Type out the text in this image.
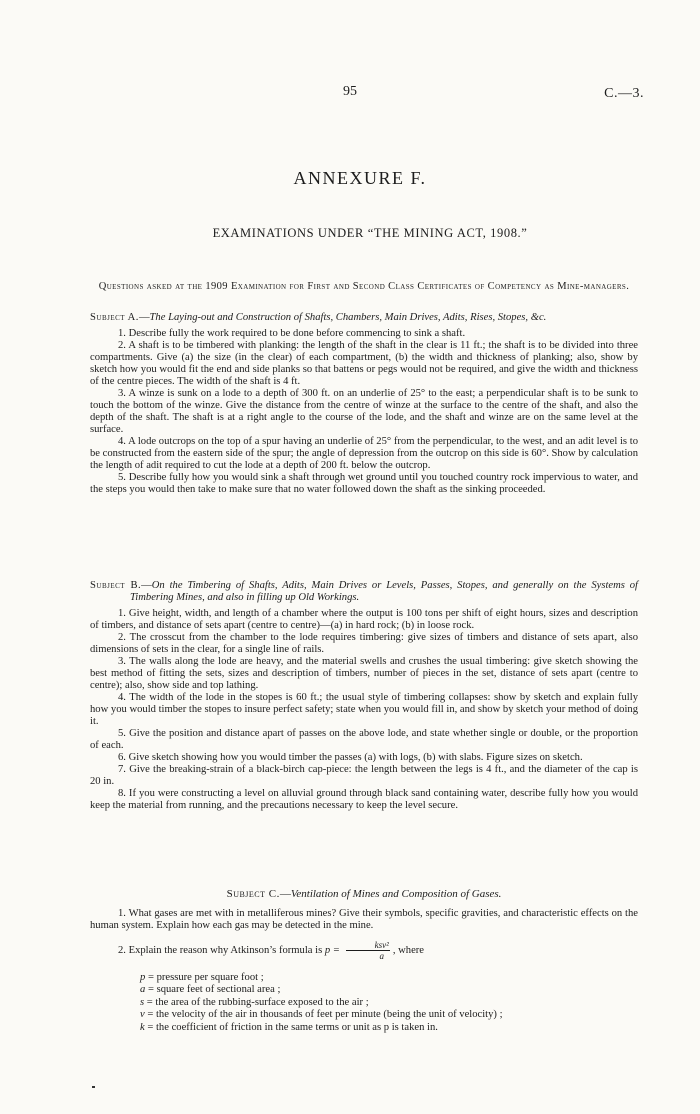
95	C.—3.
ANNEXURE F.
EXAMINATIONS UNDER “THE MINING ACT, 1908.”
Questions asked at the 1909 Examination for First and Second Class Certificates of Competency as Mine-managers.

Subject A.—The Laying-out and Construction of Shafts, Chambers, Main Drives, Adits, Rises, Stopes, &c.

1. Describe fully the work required to be done before commencing to sink a shaft.

2. A shaft is to be timbered with planking: the length of the shaft in the clear is 11 ft.; the shaft is to be divided into three compartments. Give (a) the size (in the clear) of each compartment, (b) the width and thickness of planking; also, show by sketch how you would fit the end and side planks so that battens or pegs would not be required, and give the width and thickness of the centre pieces. The width of the shaft is 4 ft.

3. A winze is sunk on a lode to a depth of 300 ft. on an underlie of 25° to the east; a perpendicular shaft is to be sunk to touch the bottom of the winze. Give the distance from the centre of winze at the surface to the centre of the shaft, and also the depth of the shaft. The shaft is at a right angle to the course of the lode, and the shaft and winze are on the same level at the surface.

4. A lode outcrops on the top of a spur having an underlie of 25° from the perpendicular, to the west, and an adit level is to be constructed from the eastern side of the spur; the angle of depression from the outcrop on this side is 60°. Show by calculation the length of adit required to cut the lode at a depth of 200 ft. below the outcrop.

5. Describe fully how you would sink a shaft through wet ground until you touched country rock impervious to water, and the steps you would then take to make sure that no water followed down the shaft as the sinking proceeded.

Subject B.—On the Timbering of Shafts, Adits, Main Drives or Levels, Passes, Stopes, and generally on the Systems of Timbering Mines, and also in filling up Old Workings.

1. Give height, width, and length of a chamber where the output is 100 tons per shift of eight hours, sizes and description of timbers, and distance of sets apart (centre to centre)—(a) in hard rock; (b) in loose rock.

2. The crosscut from the chamber to the lode requires timbering: give sizes of timbers and distance of sets apart, also dimensions of sets in the clear, for a single line of rails.

3. The walls along the lode are heavy, and the material swells and crushes the usual timbering: give sketch showing the best method of fitting the sets, sizes and description of timbers, number of pieces in the set, distance of sets apart (centre to centre); also, show side and top lathing.

4. The width of the lode in the stopes is 60 ft.; the usual style of timbering collapses: show by sketch and explain fully how you would timber the stopes to insure perfect safety; state when you would fill in, and show by sketch your method of doing it.

5. Give the position and distance apart of passes on the above lode, and state whether single or double, or the proportion of each.

6. Give sketch showing how you would timber the passes (a) with logs, (b) with slabs. Figure sizes on sketch.

7. Give the breaking-strain of a black-birch cap-piece: the length between the legs is 4 ft., and the diameter of the cap is 20 in.

8. If you were constructing a level on alluvial ground through black sand containing water, describe fully how you would keep the material from running, and the precautions necessary to keep the level secure.

Subject C.—Ventilation of Mines and Composition of Gases.

1. What gases are met with in metalliferous mines? Give their symbols, specific gravities, and characteristic effects on the human system. Explain how each gas may be detected in the mine.

2. Explain the reason why Atkinson’s formula is $p = \frac{\text{ksv²}}{a}$ , where

p = pressure per square foot ;

a = square feet of sectional area ;

s = the area of the rubbing-surface exposed to the air ;

v = the velocity of the air in thousands of feet per minute (being the unit of velocity) ;

k = the coefficient of friction in the same terms or unit as p is taken in.
